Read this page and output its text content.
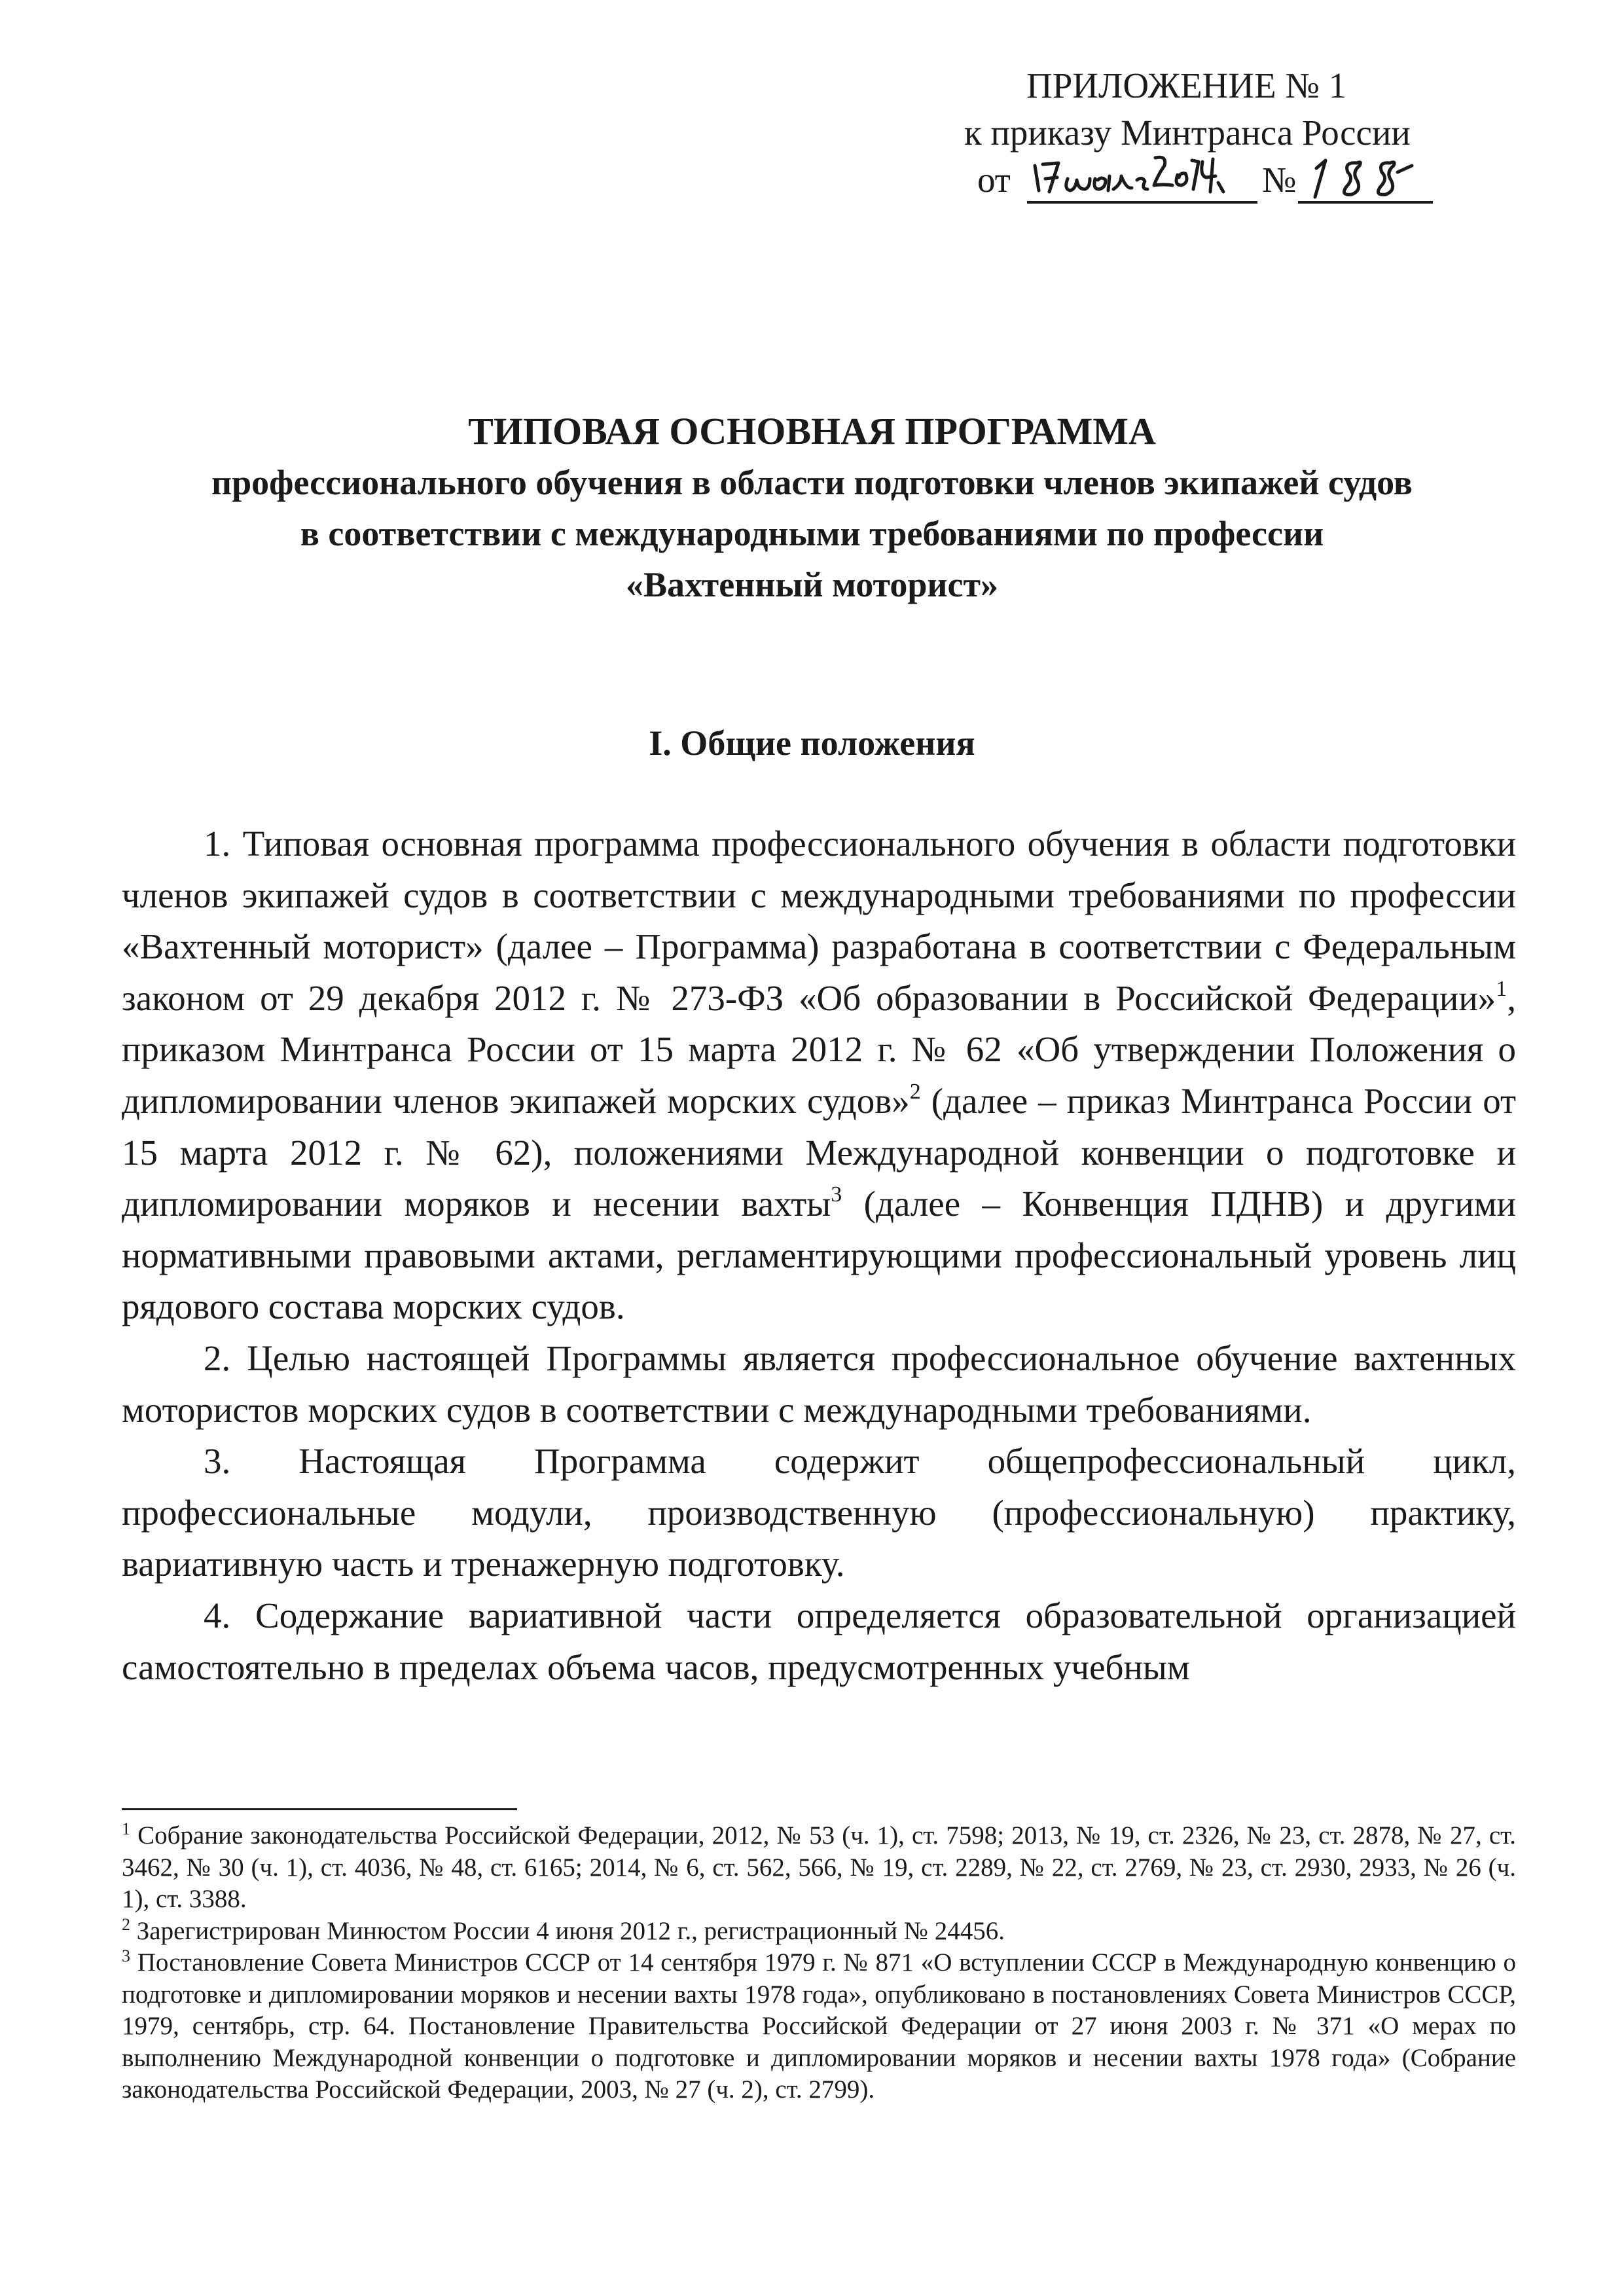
ПРИЛОЖЕНИЕ № 1
к приказу Минтранса России
от	№
ТИПОВАЯ ОСНОВНАЯ ПРОГРАММА
профессионального обучения в области подготовки членов экипажей судов
в соответствии с международными требованиями по профессии
«Вахтенный моторист»
I. Общие положения

1. Типовая основная программа профессионального обучения в области подготовки членов экипажей судов в соответствии с международными требованиями по профессии «Вахтенный моторист» (далее – Программа) разработана в соответствии с Федеральным законом от 29 декабря 2012 г. № 273-ФЗ «Об образовании в Российской Федерации»$^1$, приказом Минтранса России от 15 марта 2012 г. № 62 «Об утверждении Положения о дипломировании членов экипажей морских судов»$^2$ (далее – приказ Минтранса России от 15 марта 2012 г. № 62), положениями Международной конвенции о подготовке и дипломировании моряков и несении вахты$^3$ (далее – Конвенция ПДНВ) и другими нормативными правовыми актами, регламентирующими профессиональный уровень лиц рядового состава морских судов.

2. Целью настоящей Программы является профессиональное обучение вахтенных мотористов морских судов в соответствии с международными требованиями.

3. Настоящая Программа содержит общепрофессиональный цикл, профессиональные модули, производственную (профессиональную) практику, вариативную часть и тренажерную подготовку.

4. Содержание вариативной части определяется образовательной организацией самостоятельно в пределах объема часов, предусмотренных учебным

$^1$ Собрание законодательства Российской Федерации, 2012, № 53 (ч. 1), ст. 7598; 2013, № 19, ст. 2326, № 23, ст. 2878, № 27, ст. 3462, № 30 (ч. 1), ст. 4036, № 48, ст. 6165; 2014, № 6, ст. 562, 566, № 19, ст. 2289, № 22, ст. 2769, № 23, ст. 2930, 2933, № 26 (ч. 1), ст. 3388.

$^2$ Зарегистрирован Минюстом России 4 июня 2012 г., регистрационный № 24456.

$^3$ Постановление Совета Министров СССР от 14 сентября 1979 г. № 871 «О вступлении СССР в Международную конвенцию о подготовке и дипломировании моряков и несении вахты 1978 года», опубликовано в постановлениях Совета Министров СССР, 1979, сентябрь, стр. 64. Постановление Правительства Российской Федерации от 27 июня 2003 г. № 371 «О мерах по выполнению Международной конвенции о подготовке и дипломировании моряков и несении вахты 1978 года» (Собрание законодательства Российской Федерации, 2003, № 27 (ч. 2), ст. 2799).
